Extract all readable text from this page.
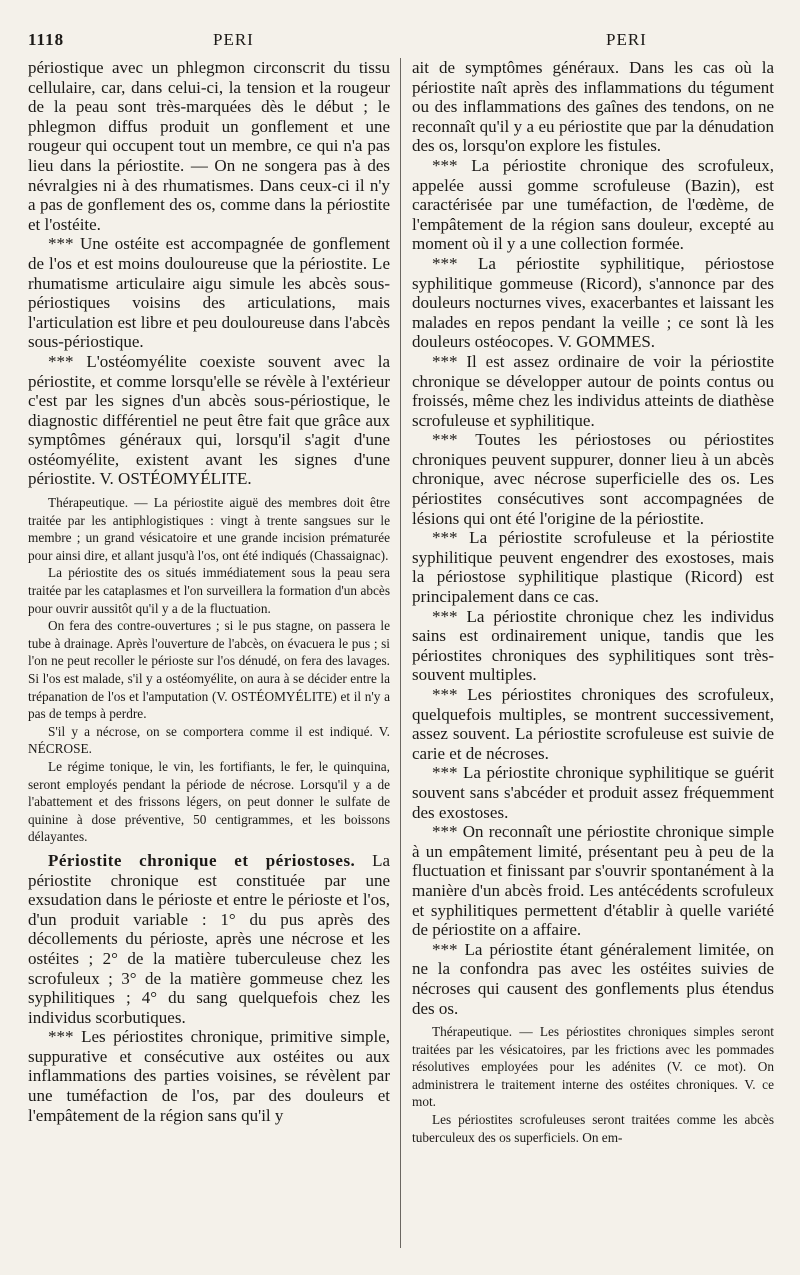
1118	PERI	PERI

périostique avec un phlegmon circonscrit du tissu cellulaire, car, dans celui-ci, la tension et la rougeur de la peau sont très-marquées dès le début ; le phlegmon diffus produit un gonflement et une rougeur qui occupent tout un membre, ce qui n'a pas lieu dans la périostite. — On ne songera pas à des névralgies ni à des rhumatismes. Dans ceux-ci il n'y a pas de gonflement des os, comme dans la périostite et l'ostéite.

*** Une ostéite est accompagnée de gonflement de l'os et est moins douloureuse que la périostite. Le rhumatisme articulaire aigu simule les abcès sous-périostiques voisins des articulations, mais l'articulation est libre et peu douloureuse dans l'abcès sous-périostique.

*** L'ostéomyélite coexiste souvent avec la périostite, et comme lorsqu'elle se révèle à l'extérieur c'est par les signes d'un abcès sous-périostique, le diagnostic différentiel ne peut être fait que grâce aux symptômes généraux qui, lorsqu'il s'agit d'une ostéomyélite, existent avant les signes d'une périostite. V. OSTÉOMYÉLITE.

Thérapeutique. — La périostite aiguë des membres doit être traitée par les antiphlogistiques : vingt à trente sangsues sur le membre ; un grand vésicatoire et une grande incision prématurée pour ainsi dire, et allant jusqu'à l'os, ont été indiqués (Chassaignac).

La périostite des os situés immédiatement sous la peau sera traitée par les cataplasmes et l'on surveillera la formation d'un abcès pour ouvrir aussitôt qu'il y a de la fluctuation.

On fera des contre-ouvertures ; si le pus stagne, on passera le tube à drainage. Après l'ouverture de l'abcès, on évacuera le pus ; si l'on ne peut recoller le périoste sur l'os dénudé, on fera des lavages. Si l'os est malade, s'il y a ostéomyélite, on aura à se décider entre la trépanation de l'os et l'amputation (V. OSTÉOMYÉLITE) et il n'y a pas de temps à perdre.

S'il y a nécrose, on se comportera comme il est indiqué. V. NÉCROSE.

Le régime tonique, le vin, les fortifiants, le fer, le quinquina, seront employés pendant la période de nécrose. Lorsqu'il y a de l'abattement et des frissons légers, on peut donner le sulfate de quinine à dose préventive, 50 centigrammes, et les boissons délayantes.

Périostite chronique et périostoses. La périostite chronique est constituée par une exsudation dans le périoste et entre le périoste et l'os, d'un produit variable : 1° du pus après des décollements du périoste, après une nécrose et les ostéites ; 2° de la matière tuberculeuse chez les scrofuleux ; 3° de la matière gommeuse chez les syphilitiques ; 4° du sang quelquefois chez les individus scorbutiques.

*** Les périostites chronique, primitive simple, suppurative et consécutive aux ostéites ou aux inflammations des parties voisines, se révèlent par une tuméfaction de l'os, par des douleurs et l'empâtement de la région sans qu'il y

ait de symptômes généraux. Dans les cas où la périostite naît après des inflammations du tégument ou des inflammations des gaînes des tendons, on ne reconnaît qu'il y a eu périostite que par la dénudation des os, lorsqu'on explore les fistules.

*** La périostite chronique des scrofuleux, appelée aussi gomme scrofuleuse (Bazin), est caractérisée par une tuméfaction, de l'œdème, de l'empâtement de la région sans douleur, excepté au moment où il y a une collection formée.

*** La périostite syphilitique, périostose syphilitique gommeuse (Ricord), s'annonce par des douleurs nocturnes vives, exacerbantes et laissant les malades en repos pendant la veille ; ce sont là les douleurs ostéocopes. V. GOMMES.

*** Il est assez ordinaire de voir la périostite chronique se développer autour de points contus ou froissés, même chez les individus atteints de diathèse scrofuleuse et syphilitique.

*** Toutes les périostoses ou périostites chroniques peuvent suppurer, donner lieu à un abcès chronique, avec nécrose superficielle des os. Les périostites consécutives sont accompagnées de lésions qui ont été l'origine de la périostite.

*** La périostite scrofuleuse et la périostite syphilitique peuvent engendrer des exostoses, mais la périostose syphilitique plastique (Ricord) est principalement dans ce cas.

*** La périostite chronique chez les individus sains est ordinairement unique, tandis que les périostites chroniques des syphilitiques sont très-souvent multiples.

*** Les périostites chroniques des scrofuleux, quelquefois multiples, se montrent successivement, assez souvent. La périostite scrofuleuse est suivie de carie et de nécroses.

*** La périostite chronique syphilitique se guérit souvent sans s'abcéder et produit assez fréquemment des exostoses.

*** On reconnaît une périostite chronique simple à un empâtement limité, présentant peu à peu de la fluctuation et finissant par s'ouvrir spontanément à la manière d'un abcès froid. Les antécédents scrofuleux et syphilitiques permettent d'établir à quelle variété de périostite on a affaire.

*** La périostite étant généralement limitée, on ne la confondra pas avec les ostéites suivies de nécroses qui causent des gonflements plus étendus des os.

Thérapeutique. — Les périostites chroniques simples seront traitées par les vésicatoires, par les frictions avec les pommades résolutives employées pour les adénites (V. ce mot). On administrera le traitement interne des ostéites chroniques. V. ce mot.

Les périostites scrofuleuses seront traitées comme les abcès tuberculeux des os superficiels. On em-
